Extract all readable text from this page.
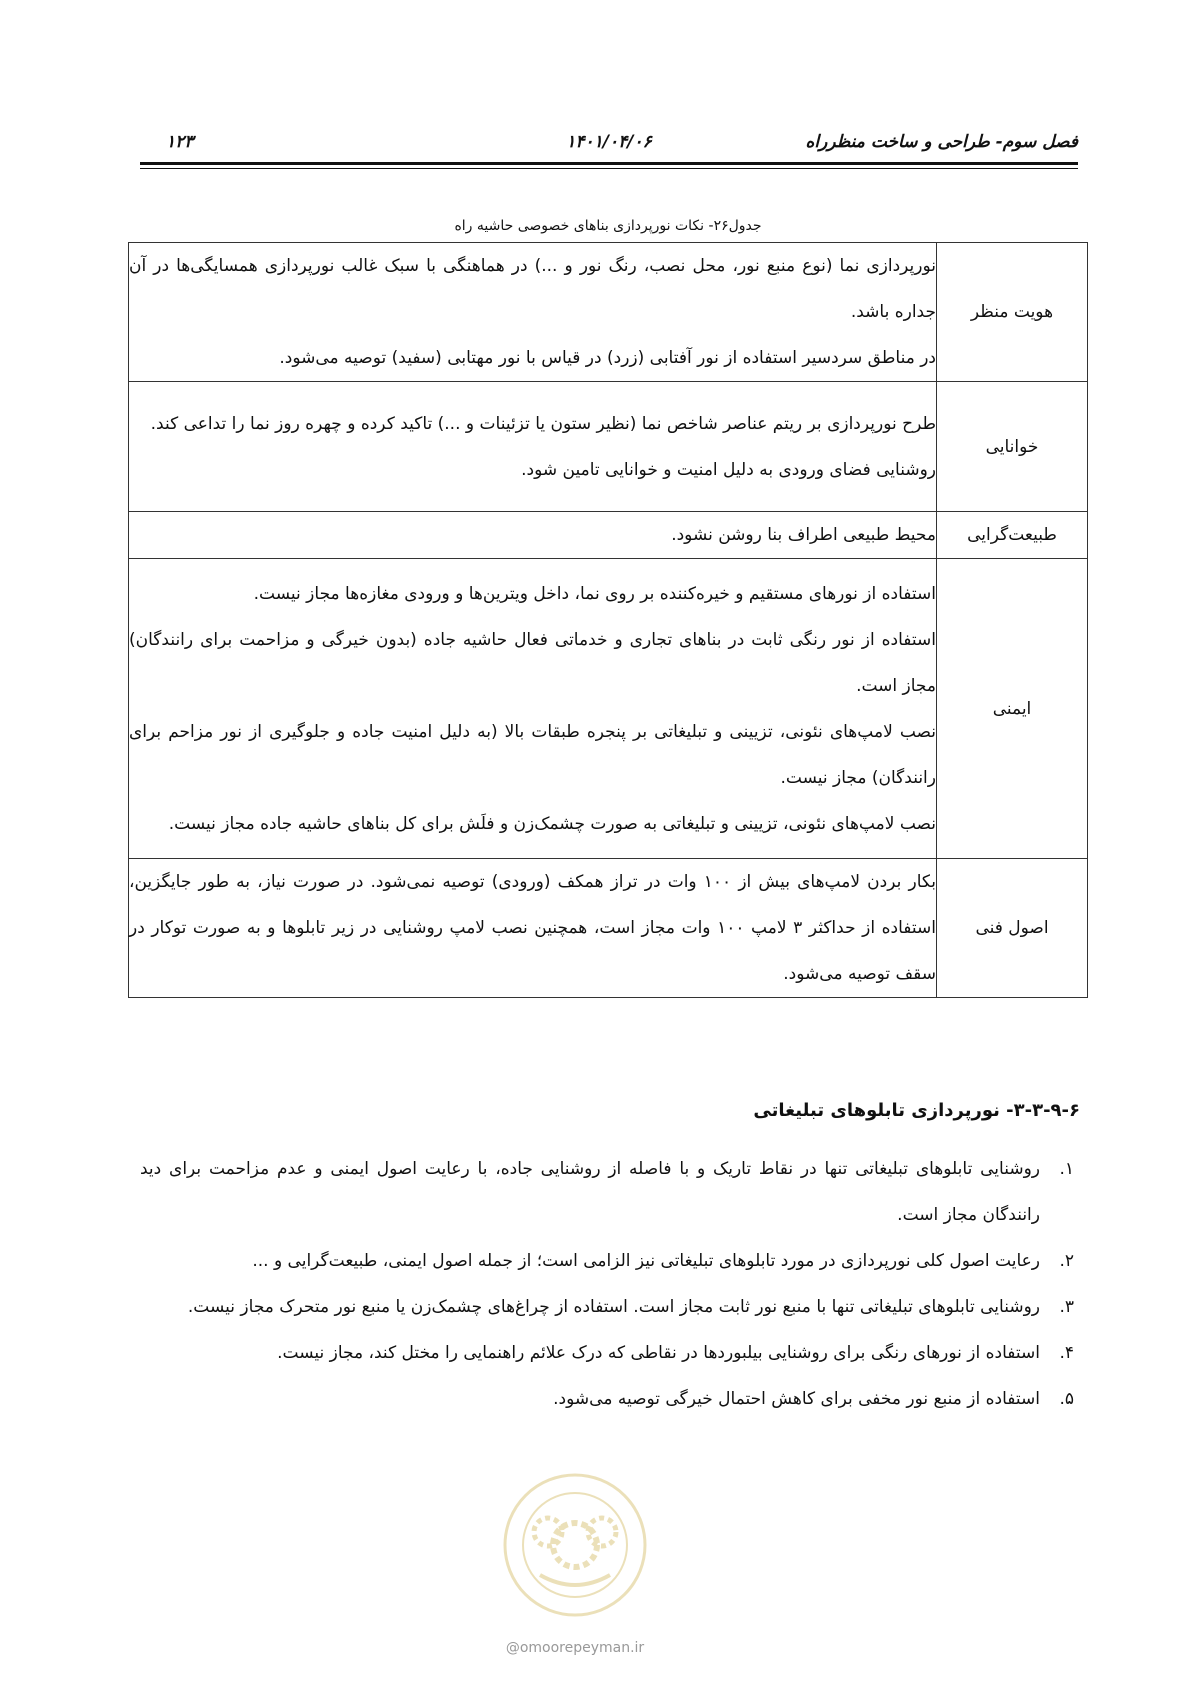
فصل سوم- طراحی و ساخت منظرراه
۱۴۰۱/۰۴/۰۶
۱۲۳
جدول۲۶- نکات نورپردازی بناهای خصوصی حاشیه راه
هویت منظر	نورپردازی نما (نوع منبع نور، محل نصب، رنگ نور و ...) در هماهنگی با سبک غالب نورپردازی همسایگی‌ها در آن جداره باشد.

در مناطق سردسیر استفاده از نور آفتابی (زرد) در قیاس با نور مهتابی (سفید) توصیه می‌شود.

خوانایی	طرح نورپردازی بر ریتم عناصر شاخص نما (نظیر ستون یا تزئینات و ...) تاکید کرده و چهره روز نما را تداعی کند.

روشنایی فضای ورودی به دلیل امنیت و خوانایی تامین شود.

طبیعت‌گرایی	محیط طبیعی اطراف بنا روشن نشود.

ایمنی	استفاده از نورهای مستقیم و خیره‌کننده بر روی نما، داخل ویترین‌ها و ورودی مغازه‌ها مجاز نیست.

استفاده از نور رنگی ثابت در بناهای تجاری و خدماتی فعال حاشیه جاده (بدون خیرگی و مزاحمت برای رانندگان) مجاز است.

نصب لامپ‌های نئونی، تزیینی و تبلیغاتی بر پنجره طبقات بالا (به دلیل امنیت جاده و جلوگیری از نور مزاحم برای رانندگان) مجاز نیست.

نصب لامپ‌های نئونی، تزیینی و تبلیغاتی به صورت چشمک‌زن و فلَش برای کل بناهای حاشیه جاده مجاز نیست.

اصول فنی	بکار بردن لامپ‌های بیش از ۱۰۰ وات در تراز همکف (ورودی) توصیه نمی‌شود. در صورت نیاز، به طور جایگزین، استفاده از حداکثر ۳ لامپ ۱۰۰ وات مجاز است، همچنین نصب لامپ روشنایی در زیر تابلوها و به صورت توکار در سقف توصیه می‌شود.

۳-۳-۹-۶- نورپردازی تابلوهای تبلیغاتی
۱.
روشنایی تابلوهای تبلیغاتی تنها در نقاط تاریک و با فاصله از روشنایی جاده، با رعایت اصول ایمنی و عدم مزاحمت برای دید رانندگان مجاز است.
۲.
رعایت اصول کلی نورپردازی در مورد تابلوهای تبلیغاتی نیز الزامی است؛ از جمله اصول ایمنی، طبیعت‌گرایی و ...
۳.
روشنایی تابلوهای تبلیغاتی تنها با منبع نور ثابت مجاز است. استفاده از چراغ‌های چشمک‌زن یا منبع نور متحرک مجاز نیست.
۴.
استفاده از نورهای رنگی برای روشنایی بیلبوردها در نقاطی که درک علائم راهنمایی را مختل کند، مجاز نیست.
۵.
استفاده از منبع نور مخفی برای کاهش احتمال خیرگی توصیه می‌شود.
@omoorepeyman.ir
